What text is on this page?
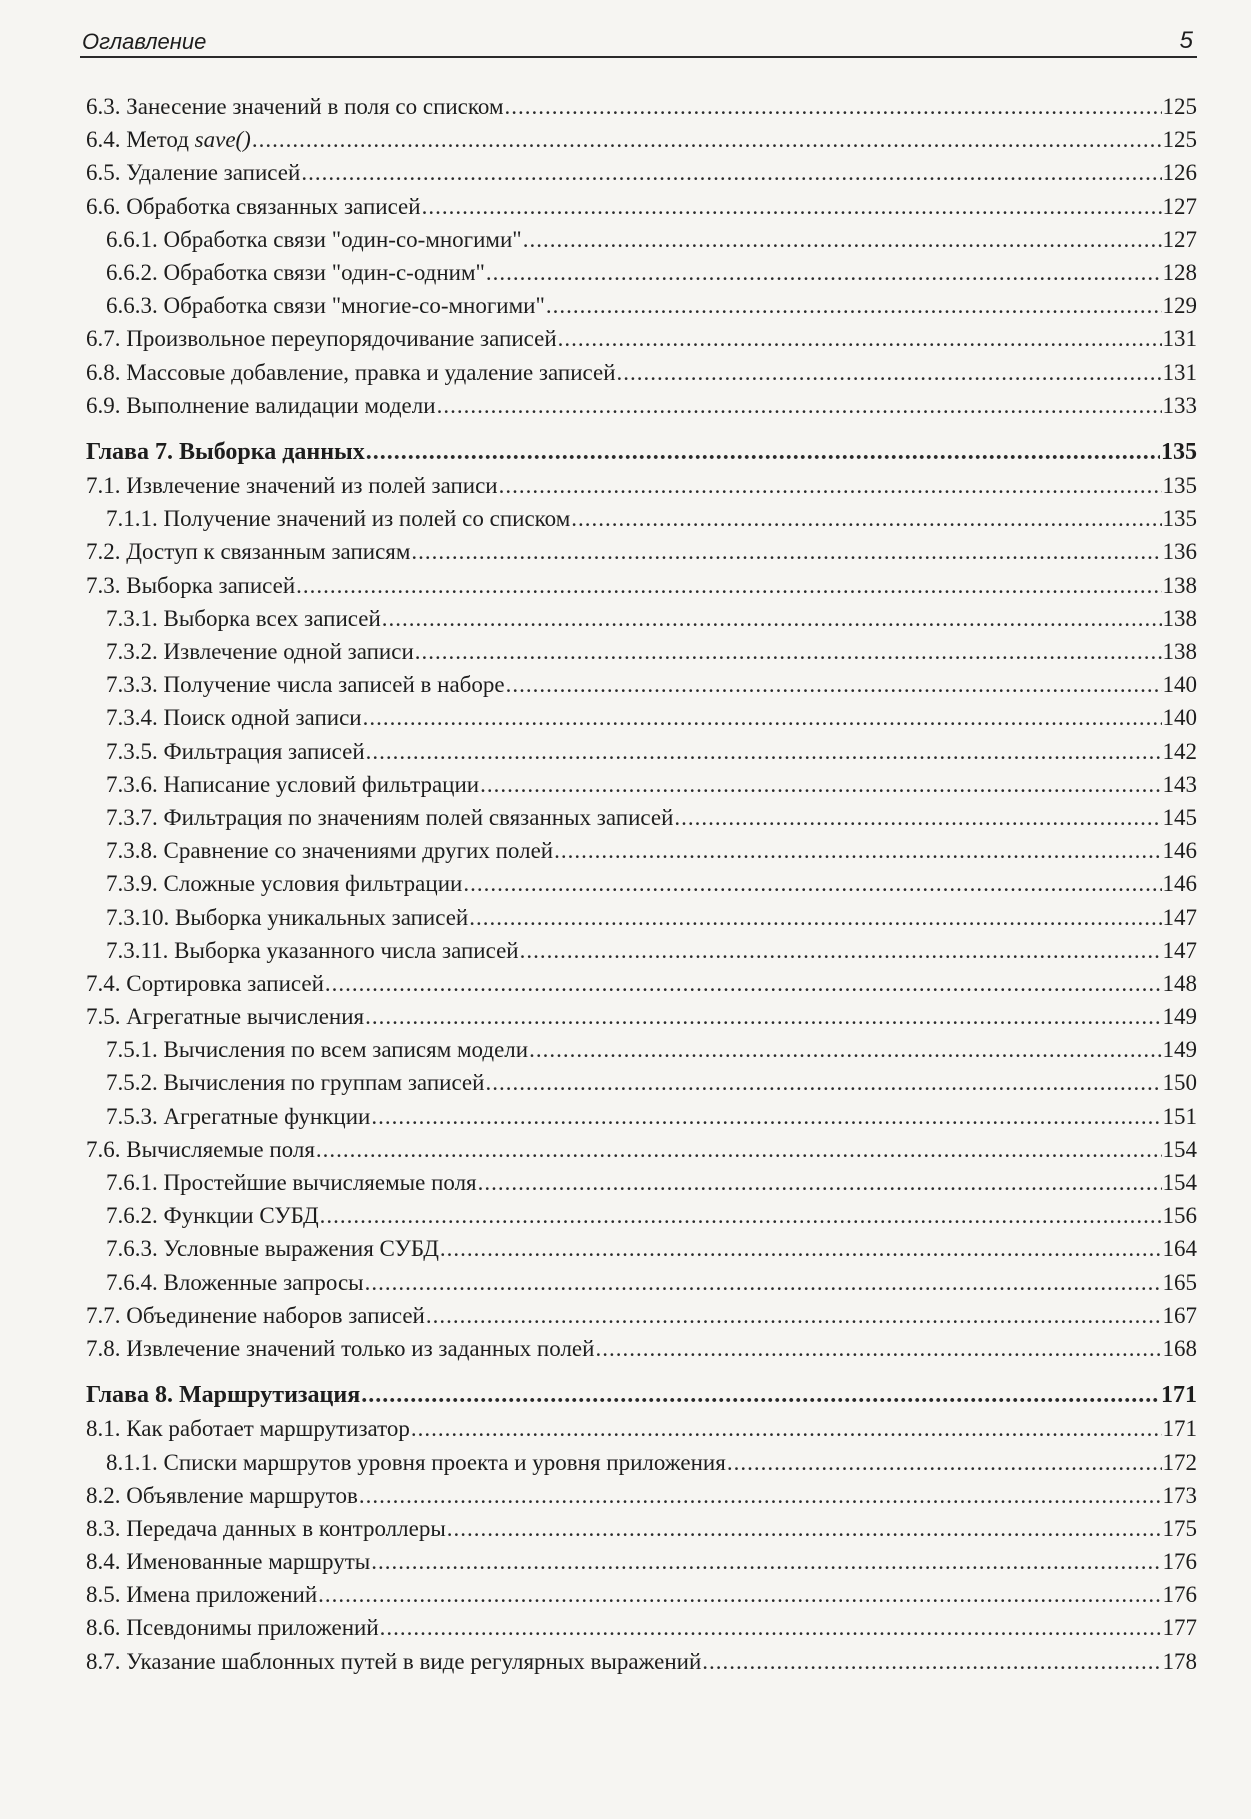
Оглавление	5
6.3. Занесение значений в поля со списком .....	125
6.4. Метод save() .....	125
6.5. Удаление записей .....	126
6.6. Обработка связанных записей .....	127
6.6.1. Обработка связи "один-со-многими" .....	127
6.6.2. Обработка связи "один-с-одним" .....	128
6.6.3. Обработка связи "многие-со-многими" .....	129
6.7. Произвольное переупорядочивание записей .....	131
6.8. Массовые добавление, правка и удаление записей .....	131
6.9. Выполнение валидации модели .....	133
Глава 7. Выборка данных .....	135
7.1. Извлечение значений из полей записи .....	135
7.1.1. Получение значений из полей со списком .....	135
7.2. Доступ к связанным записям .....	136
7.3. Выборка записей .....	138
7.3.1. Выборка всех записей .....	138
7.3.2. Извлечение одной записи .....	138
7.3.3. Получение числа записей в наборе .....	140
7.3.4. Поиск одной записи .....	140
7.3.5. Фильтрация записей .....	142
7.3.6. Написание условий фильтрации .....	143
7.3.7. Фильтрация по значениям полей связанных записей .....	145
7.3.8. Сравнение со значениями других полей .....	146
7.3.9. Сложные условия фильтрации .....	146
7.3.10. Выборка уникальных записей .....	147
7.3.11. Выборка указанного числа записей .....	147
7.4. Сортировка записей .....	148
7.5. Агрегатные вычисления .....	149
7.5.1. Вычисления по всем записям модели .....	149
7.5.2. Вычисления по группам записей .....	150
7.5.3. Агрегатные функции .....	151
7.6. Вычисляемые поля .....	154
7.6.1. Простейшие вычисляемые поля .....	154
7.6.2. Функции СУБД .....	156
7.6.3. Условные выражения СУБД .....	164
7.6.4. Вложенные запросы .....	165
7.7. Объединение наборов записей .....	167
7.8. Извлечение значений только из заданных полей .....	168
Глава 8. Маршрутизация .....	171
8.1. Как работает маршрутизатор .....	171
8.1.1. Списки маршрутов уровня проекта и уровня приложения .....	172
8.2. Объявление маршрутов .....	173
8.3. Передача данных в контроллеры .....	175
8.4. Именованные маршруты .....	176
8.5. Имена приложений .....	176
8.6. Псевдонимы приложений .....	177
8.7. Указание шаблонных путей в виде регулярных выражений .....	178
